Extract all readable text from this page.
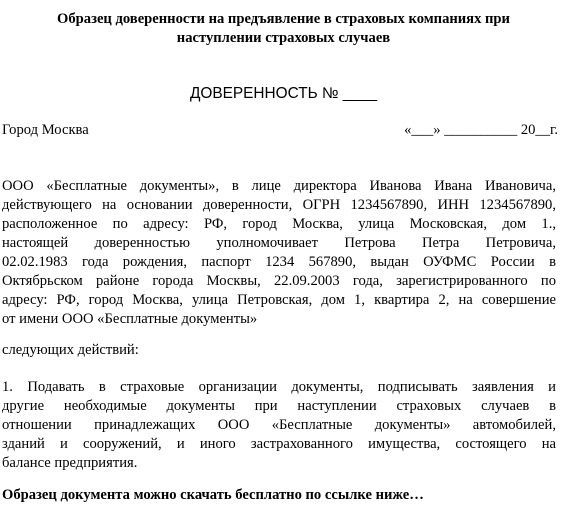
Образец доверенности на предъявление в страховых компаниях при
наступлении страховых случаев
ДОВЕРЕННОСТЬ № ____
Город Москва	«___» __________ 20__г.
ООО «Бесплатные документы», в лице директора Иванова Ивана Ивановича,
действующего на основании доверенности, ОГРН 1234567890, ИНН 1234567890,
расположенное по адресу: РФ, город Москва, улица Московская, дом 1.,
настоящей доверенностью уполномочивает Петрова Петра Петровича,
02.02.1983 года рождения, паспорт 1234 567890, выдан ОУФМС России в
Октябрьском районе города Москвы, 22.09.2003 года, зарегистрированного по
адресу: РФ, город Москва, улица Петровская, дом 1, квартира 2, на совершение
от имени ООО «Бесплатные документы»
следующих действий:
1. Подавать в страховые организации документы, подписывать заявления и
другие необходимые документы при наступлении страховых случаев в
отношении принадлежащих ООО «Бесплатные документы» автомобилей,
зданий и сооружений, и иного застрахованного имущества, состоящего на
балансе предприятия.
Образец документа можно скачать бесплатно по ссылке ниже…
